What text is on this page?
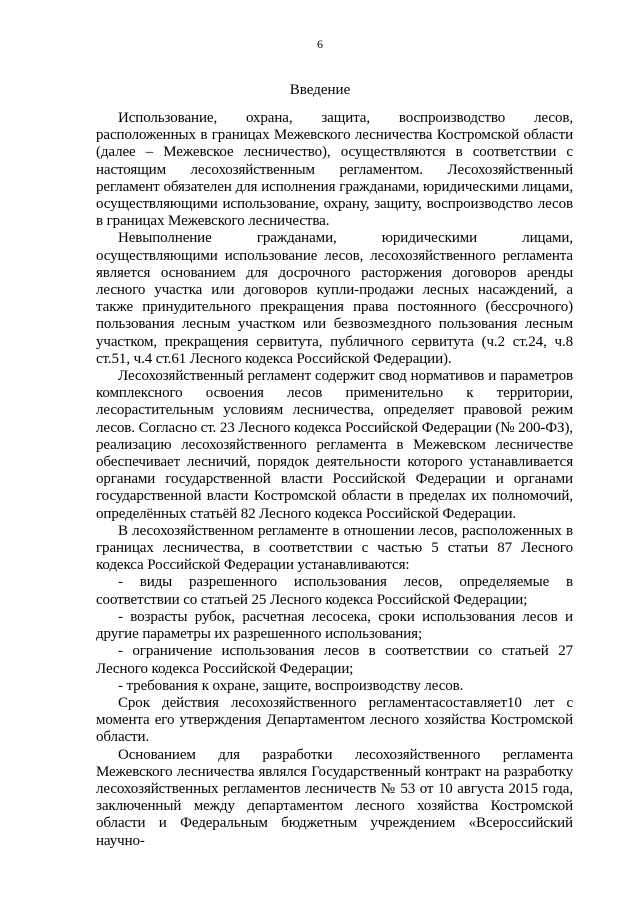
6
Введение

Использование, охрана, защита, воспроизводство лесов, расположенных в границах Межевского лесничества Костромской области (далее – Межевское лесничество), осуществляются в соответствии с настоящим лесохозяйственным регламентом. Лесохозяйственный регламент обязателен для исполнения гражданами, юридическими лицами, осуществляющими использование, охрану, защиту, воспроизводство лесов в границах Межевского лесничества.

Невыполнение гражданами, юридическими лицами, осуществляющими использование лесов, лесохозяйственного регламента является основанием для досрочного расторжения договоров аренды лесного участка или договоров купли-продажи лесных насаждений, а также принудительного прекращения права постоянного (бессрочного) пользования лесным участком или безвозмездного пользования лесным участком, прекращения сервитута, публичного сервитута (ч.2 ст.24, ч.8 ст.51, ч.4 ст.61 Лесного кодекса Российской Федерации).

Лесохозяйственный регламент содержит свод нормативов и параметров комплексного освоения лесов применительно к территории, лесорастительным условиям лесничества, определяет правовой режим лесов. Согласно ст. 23 Лесного кодекса Российской Федерации (№ 200-ФЗ), реализацию лесохозяйственного регламента в Межевском лесничестве обеспечивает лесничий, порядок деятельности которого устанавливается органами государственной власти Российской Федерации и органами государственной власти Костромской области в пределах их полномочий, определённых статьёй 82 Лесного кодекса Российской Федерации.

В лесохозяйственном регламенте в отношении лесов, расположенных в границах лесничества, в соответствии с частью 5 статьи 87 Лесного кодекса Российской Федерации устанавливаются:

- виды разрешенного использования лесов, определяемые в соответствии со статьей 25 Лесного кодекса Российской Федерации;

- возрасты рубок, расчетная лесосека, сроки использования лесов и другие параметры их разрешенного использования;

- ограничение использования лесов в соответствии со статьей 27 Лесного кодекса Российской Федерации;

- требования к охране, защите, воспроизводству лесов.

Срок действия лесохозяйственного регламентасоставляет10 лет с момента его утверждения Департаментом лесного хозяйства Костромской области.

Основанием для разработки лесохозяйственного регламента Межевского лесничества являлся Государственный контракт на разработку лесохозяйственных регламентов лесничеств № 53 от 10 августа 2015 года, заключенный между департаментом лесного хозяйства Костромской области и Федеральным бюджетным учреждением «Всероссийский научно-
